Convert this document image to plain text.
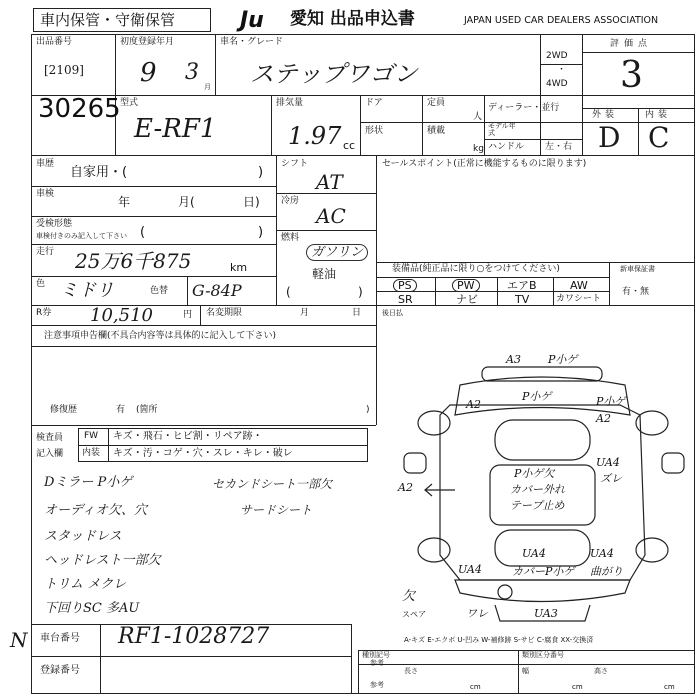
車内保管・守衛保管	Ju 愛知 出品申込書	JAPAN USED CAR DEALERS ASSOCIATION
出品番号
[2109]
30265
初度登録年月
9 3
月
車名・グレード
ステップワゴン
2WD
・
4WD
評価点
3
外装	内装
D C
型式
E-RF1
排気量
1.97 cc
ドア	定員
人
ディーラー・並行
形状	積載
kg
モデル年式
ハンドル 左・右
車歴
自家用・(	)
車検
年	月(	日)
受検形態
車検付きのみ記入して下さい (	)
走行 25万6千875	km
色 ミドリ	色替 G-84P
シフト
AT
冷房
AC
燃料
ガソリン
軽油
(	)
セールスポイント(正常に機能するものに限ります)
装備品(純正品に限り○をつけてください)
PS	PW	エアB	AW
SR	ナビ	TV	カワシート
新車保証書
有・無
R券 10,510	円 名変期限	月	日	後日払
注意事項申告欄(不具合内容等は具体的に記入して下さい)
修復歴	有 (箇所	)
検査員
記入欄
FW キズ・飛石・ヒビ割・リペア跡・
内装 キズ・汚・コゲ・穴・スレ・キレ・破レ
Dミラー P小ゲ
オーディオ欠、穴
スタッドレス
ヘッドレスト一部欠
トリム メクレ
下回りSC 多AU
セカンドシート一部欠
サードシート
A3 P小ゲ
A2
P小ゲ	P小ゲ
A2
UA4
ズレ
A2
P小ゲ欠
カバー外れ
テープ止め
UA4
UA4	カバーP小ゲ
UA4
曲がり
欠
スペア	ワレ	UA3
A-キズ E-エクボ U-凹み W-補修跡 S-サビ C-腐食 XX-交換済
N 車台番号 RF1-1028727
登録番号
種別記号
参考
類別区分番号
参考
長さ
cm
幅
cm
高さ
cm
